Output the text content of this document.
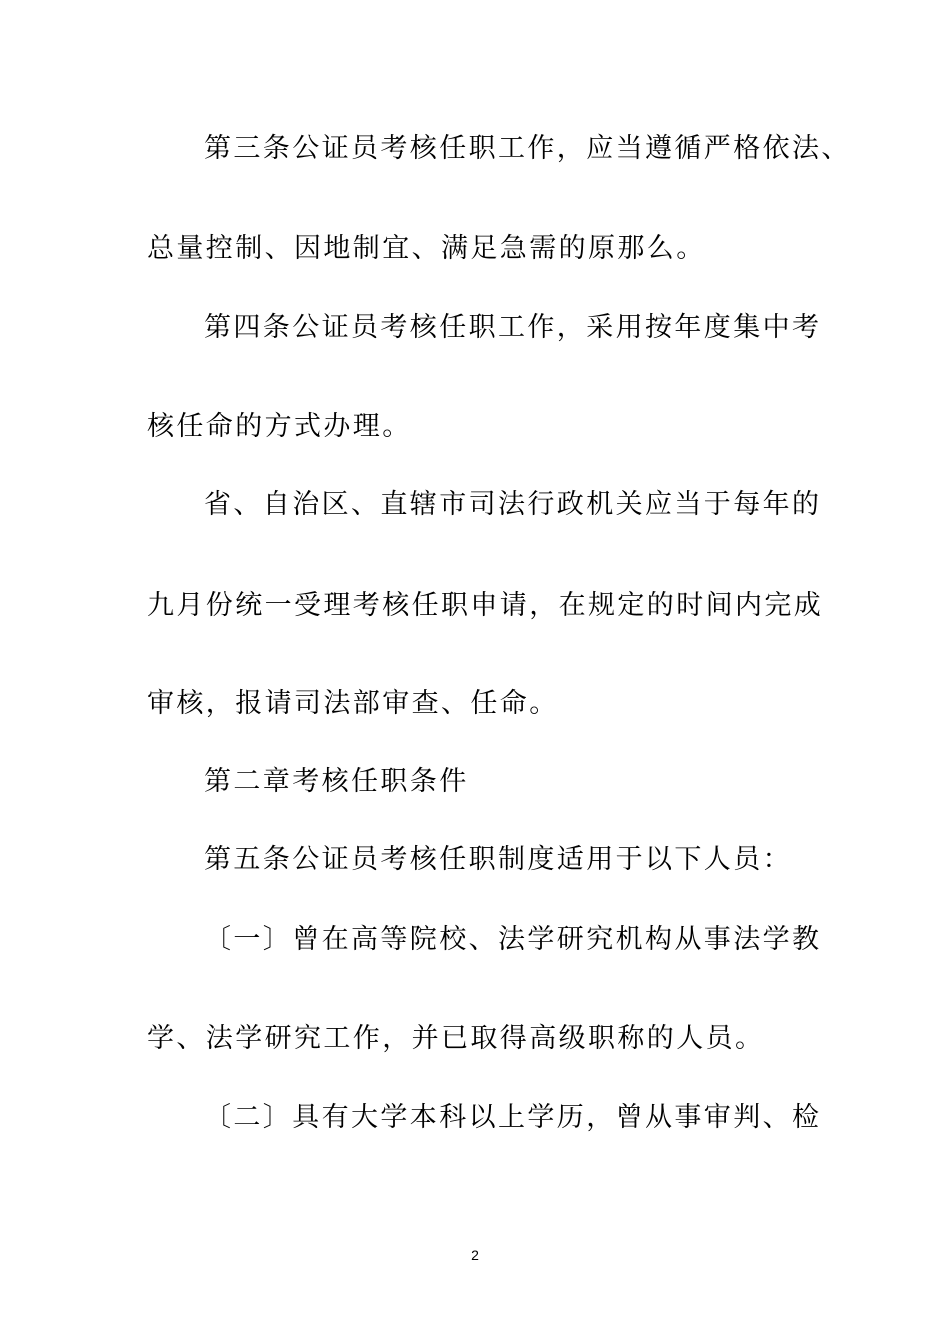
第三条公证员考核任职工作，应当遵循严格依法、
总量控制、因地制宜、满足急需的原那么。
第四条公证员考核任职工作，采用按年度集中考
核任命的方式办理。
省、自治区、直辖市司法行政机关应当于每年的
九月份统一受理考核任职申请，在规定的时间内完成
审核，报请司法部审查、任命。
第二章考核任职条件
第五条公证员考核任职制度适用于以下人员：
〔一〕曾在高等院校、法学研究机构从事法学教
学、法学研究工作，并已取得高级职称的人员。
〔二〕具有大学本科以上学历，曾从事审判、检
2
